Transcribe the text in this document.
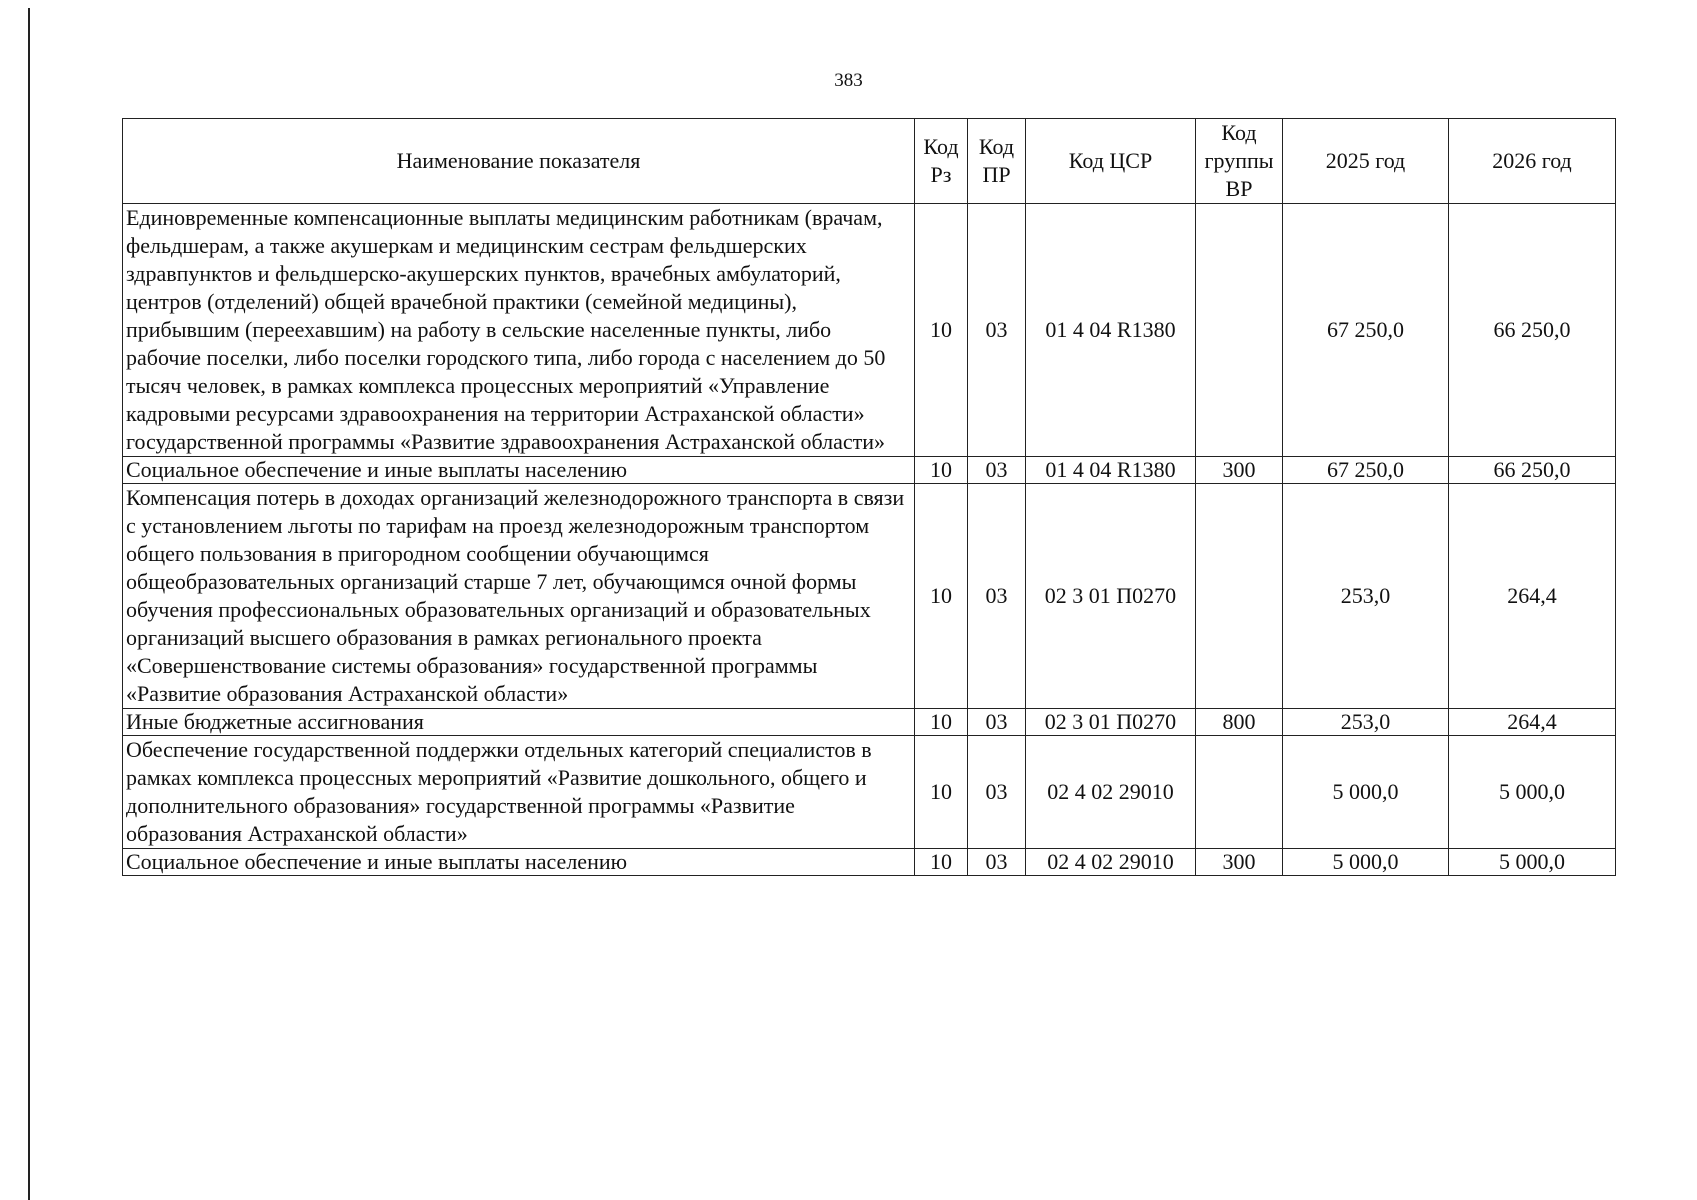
383
Наименование показателя	Код Рз	Код ПР	Код ЦСР	Код группы ВР	2025 год	2026 год
Единовременные компенсационные выплаты медицинским работникам (врачам, фельдшерам, а также акушеркам и медицинским сестрам фельдшерских здравпунктов и фельдшерско-акушерских пунктов, врачебных амбулаторий, центров (отделений) общей врачебной практики (семейной медицины), прибывшим (переехавшим) на работу в сельские населенные пункты, либо рабочие поселки, либо поселки городского типа, либо города с населением до 50 тысяч человек, в рамках комплекса процессных мероприятий «Управление кадровыми ресурсами здравоохранения на территории Астраханской области» государственной программы «Развитие здравоохранения Астраханской области»	10	03	01 4 04 R1380		67 250,0	66 250,0
Социальное обеспечение и иные выплаты населению	10	03	01 4 04 R1380	300	67 250,0	66 250,0
Компенсация потерь в доходах организаций железнодорожного транспорта в связи с установлением льготы по тарифам на проезд железнодорожным транспортом общего пользования в пригородном сообщении обучающимся общеобразовательных организаций старше 7 лет, обучающимся очной формы обучения профессиональных образовательных организаций и образовательных организаций высшего образования в рамках регионального проекта «Совершенствование системы образования» государственной программы «Развитие образования Астраханской области»	10	03	02 3 01 П0270		253,0	264,4
Иные бюджетные ассигнования	10	03	02 3 01 П0270	800	253,0	264,4
Обеспечение государственной поддержки отдельных категорий специалистов в рамках комплекса процессных мероприятий «Развитие дошкольного, общего и дополнительного образования» государственной программы «Развитие образования Астраханской области»	10	03	02 4 02 29010		5 000,0	5 000,0
Социальное обеспечение и иные выплаты населению	10	03	02 4 02 29010	300	5 000,0	5 000,0
